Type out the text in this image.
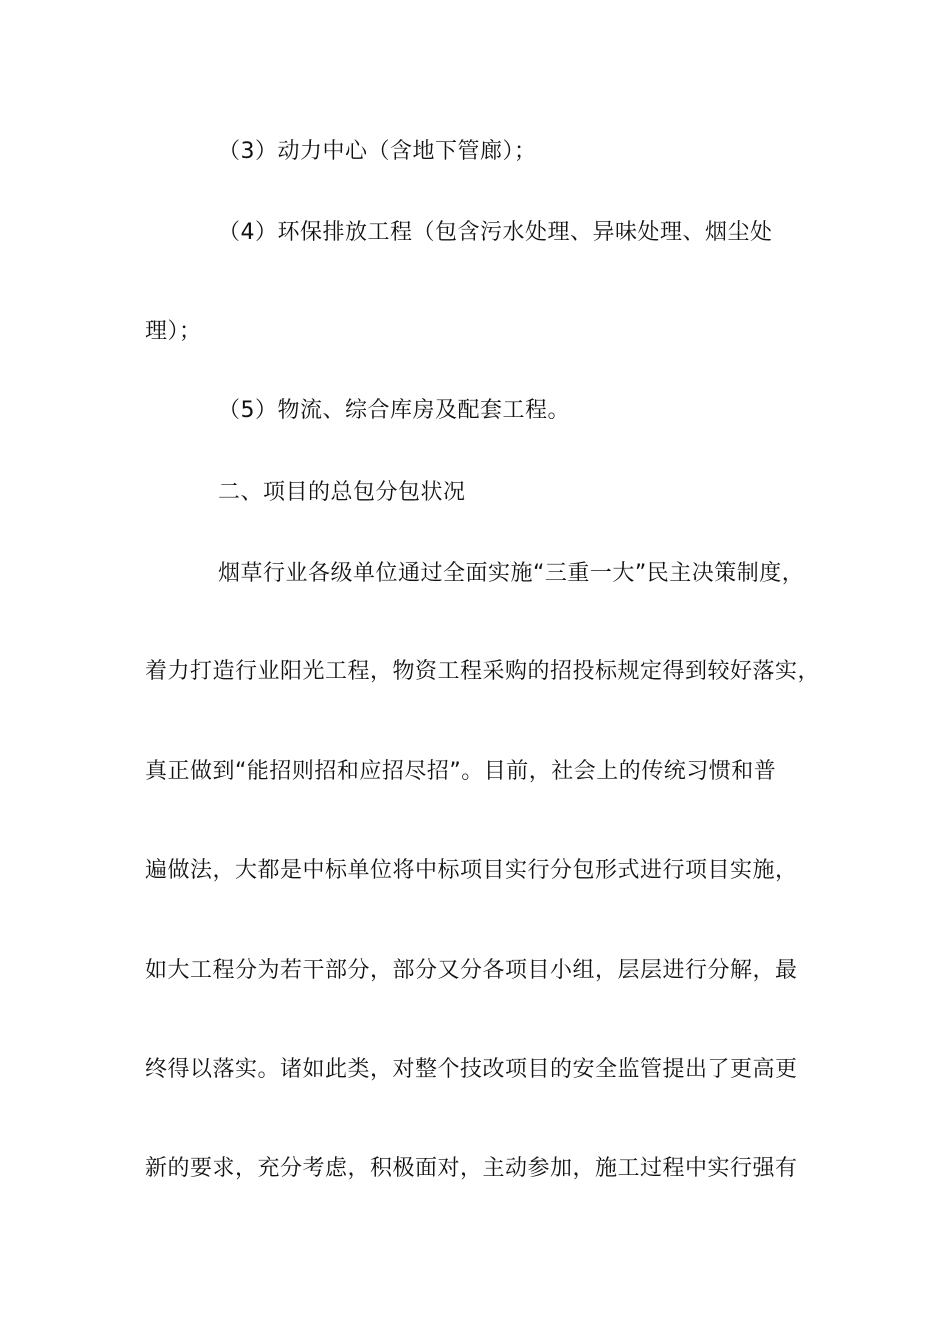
（3）动力中心（含地下管廊）；
（4）环保排放工程（包含污水处理、异味处理、烟尘处
理）；
（5）物流、综合库房及配套工程。
二、项目的总包分包状况
烟草行业各级单位通过全面实施“三重一大”民主决策制度，
着力打造行业阳光工程，物资工程采购的招投标规定得到较好落实，
真正做到“能招则招和应招尽招”。目前，社会上的传统习惯和普
遍做法，大都是中标单位将中标项目实行分包形式进行项目实施，
如大工程分为若干部分，部分又分各项目小组，层层进行分解，最
终得以落实。诸如此类，对整个技改项目的安全监管提出了更高更
新的要求，充分考虑，积极面对，主动参加，施工过程中实行强有
